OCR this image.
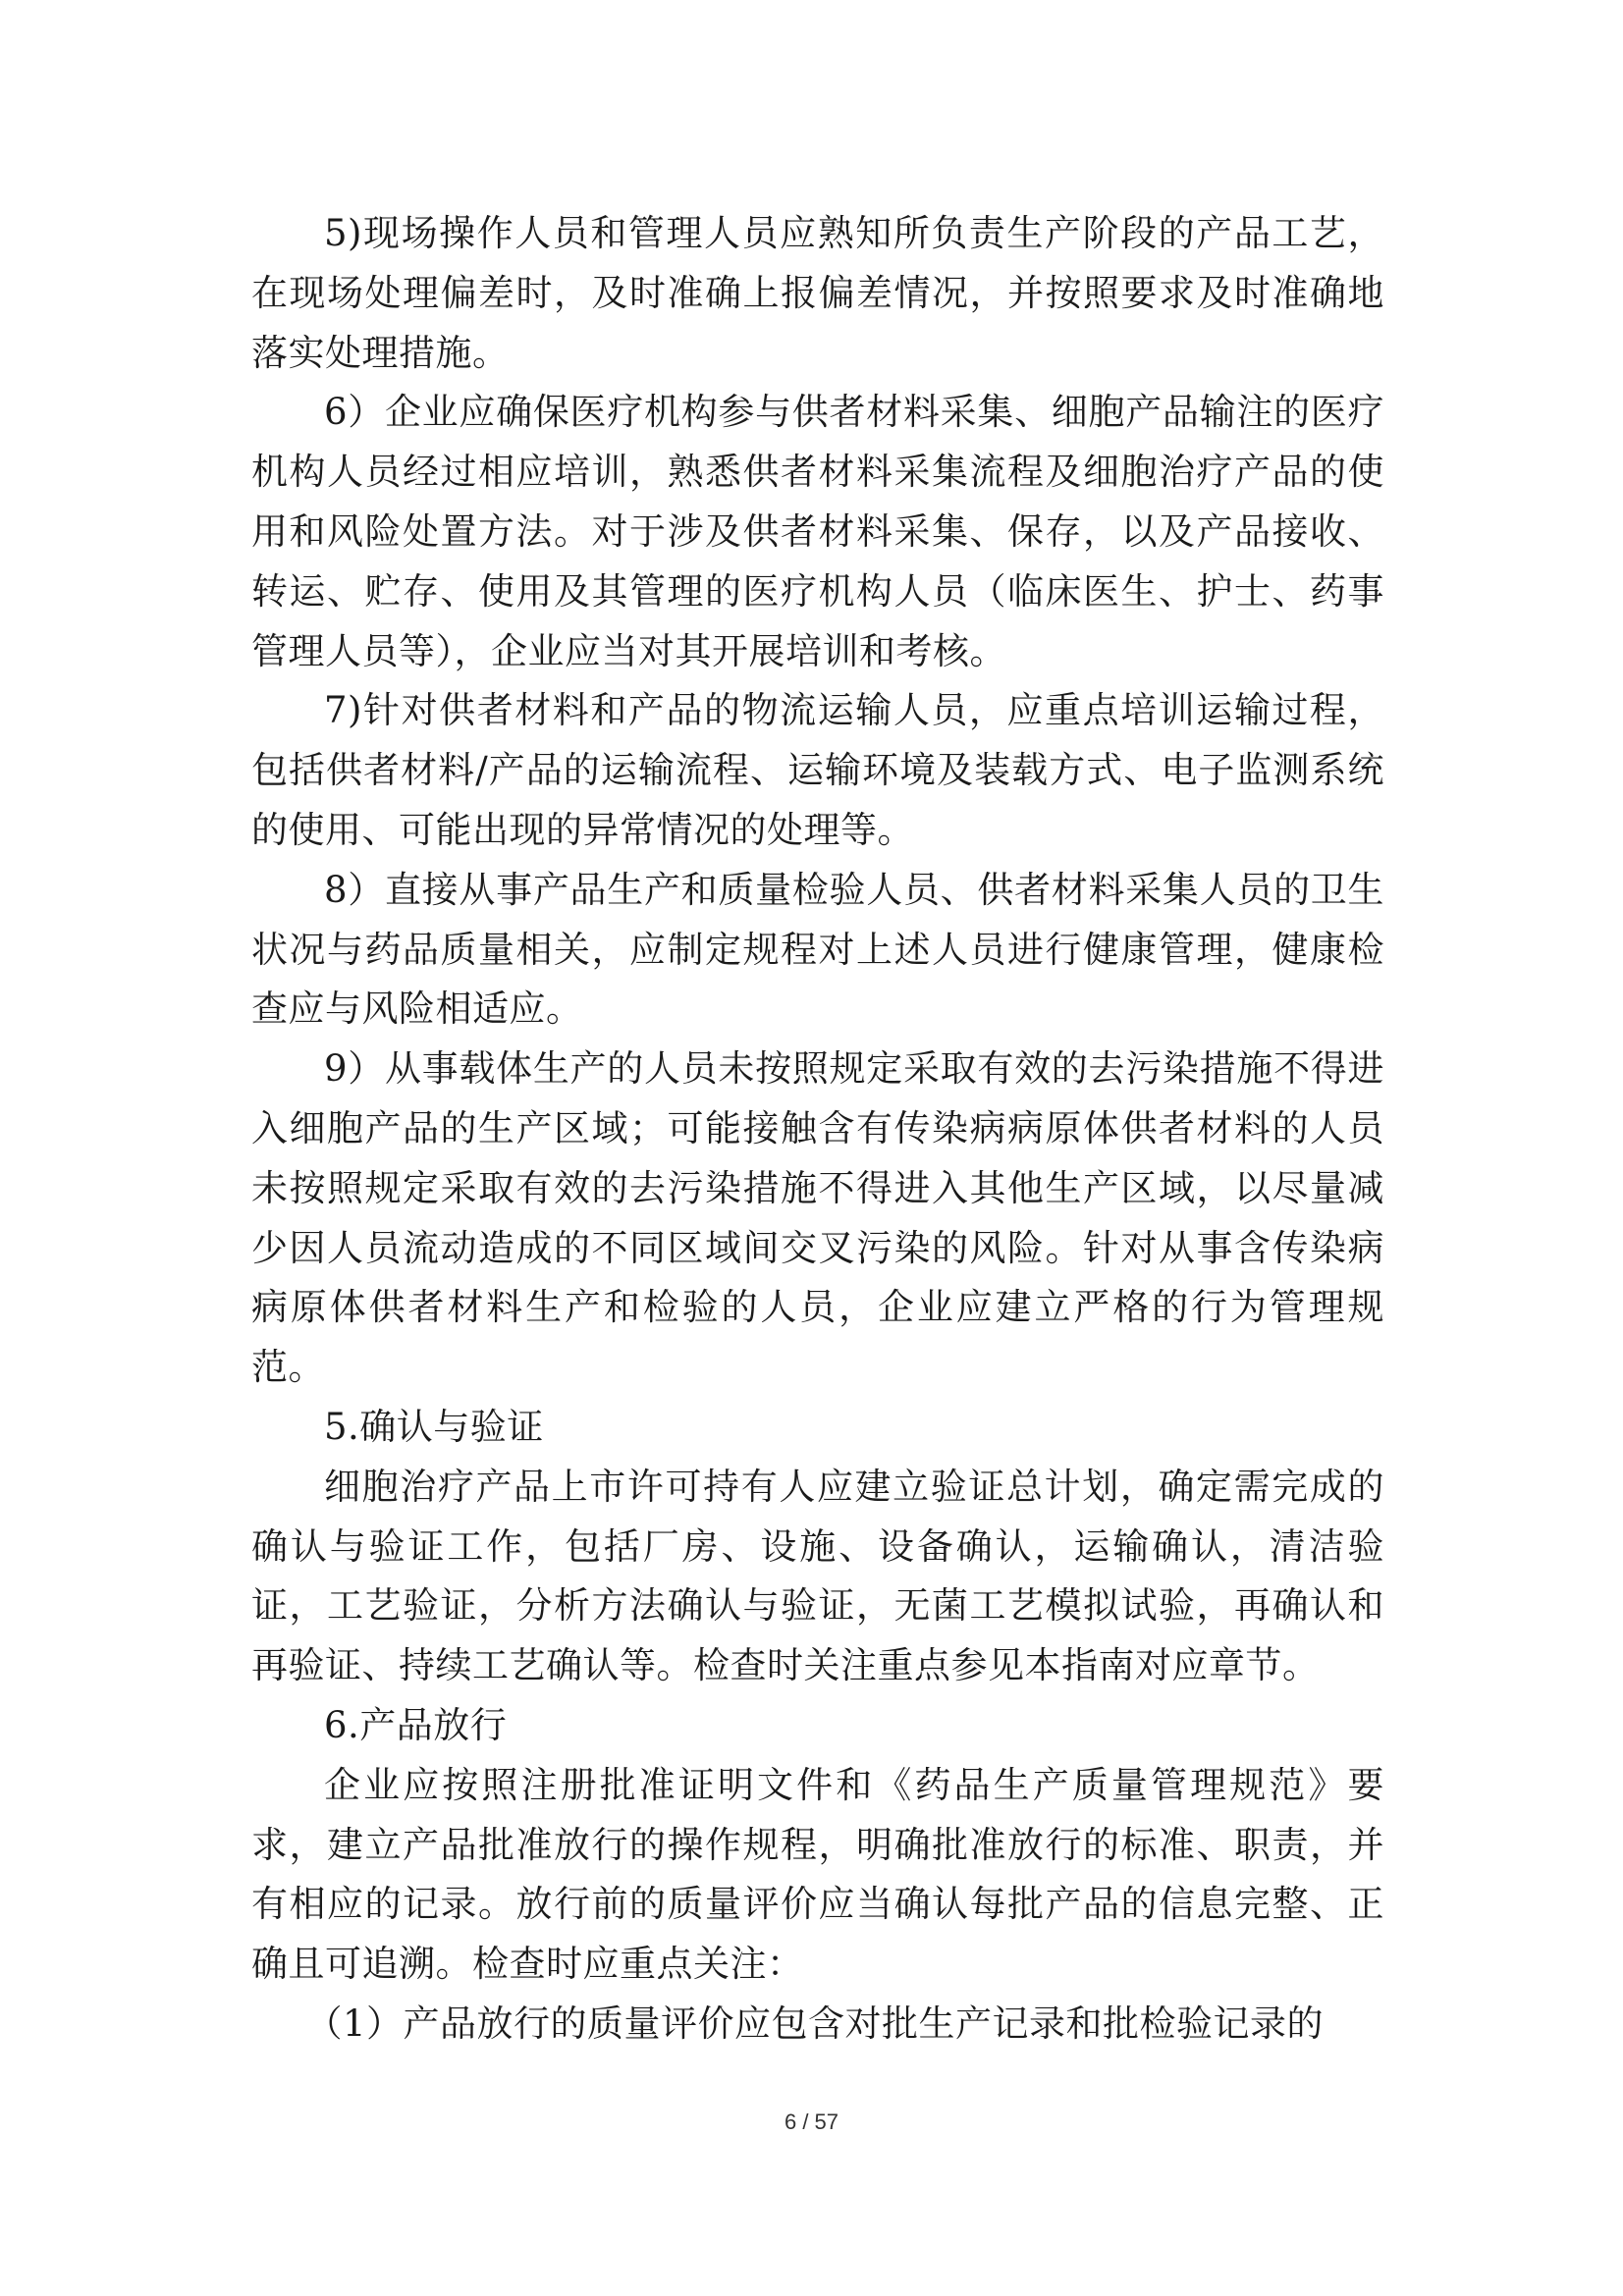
5)现场操作人员和管理人员应熟知所负责生产阶段的产品工艺，在现场处理偏差时，及时准确上报偏差情况，并按照要求及时准确地落实处理措施。

6）企业应确保医疗机构参与供者材料采集、细胞产品输注的医疗机构人员经过相应培训，熟悉供者材料采集流程及细胞治疗产品的使用和风险处置方法。对于涉及供者材料采集、保存，以及产品接收、转运、贮存、使用及其管理的医疗机构人员（临床医生、护士、药事管理人员等），企业应当对其开展培训和考核。

7)针对供者材料和产品的物流运输人员，应重点培训运输过程，包括供者材料/产品的运输流程、运输环境及装载方式、电子监测系统的使用、可能出现的异常情况的处理等。

8）直接从事产品生产和质量检验人员、供者材料采集人员的卫生状况与药品质量相关，应制定规程对上述人员进行健康管理，健康检查应与风险相适应。

9）从事载体生产的人员未按照规定采取有效的去污染措施不得进入细胞产品的生产区域；可能接触含有传染病病原体供者材料的人员未按照规定采取有效的去污染措施不得进入其他生产区域，以尽量减少因人员流动造成的不同区域间交叉污染的风险。针对从事含传染病病原体供者材料生产和检验的人员，企业应建立严格的行为管理规范。

5.确认与验证

细胞治疗产品上市许可持有人应建立验证总计划，确定需完成的确认与验证工作，包括厂房、设施、设备确认，运输确认，清洁验证，工艺验证，分析方法确认与验证，无菌工艺模拟试验，再确认和再验证、持续工艺确认等。检查时关注重点参见本指南对应章节。

6.产品放行

企业应按照注册批准证明文件和《药品生产质量管理规范》要求，建立产品批准放行的操作规程，明确批准放行的标准、职责，并有相应的记录。放行前的质量评价应当确认每批产品的信息完整、正确且可追溯。检查时应重点关注：

（1）产品放行的质量评价应包含对批生产记录和批检验记录的

6 / 57
